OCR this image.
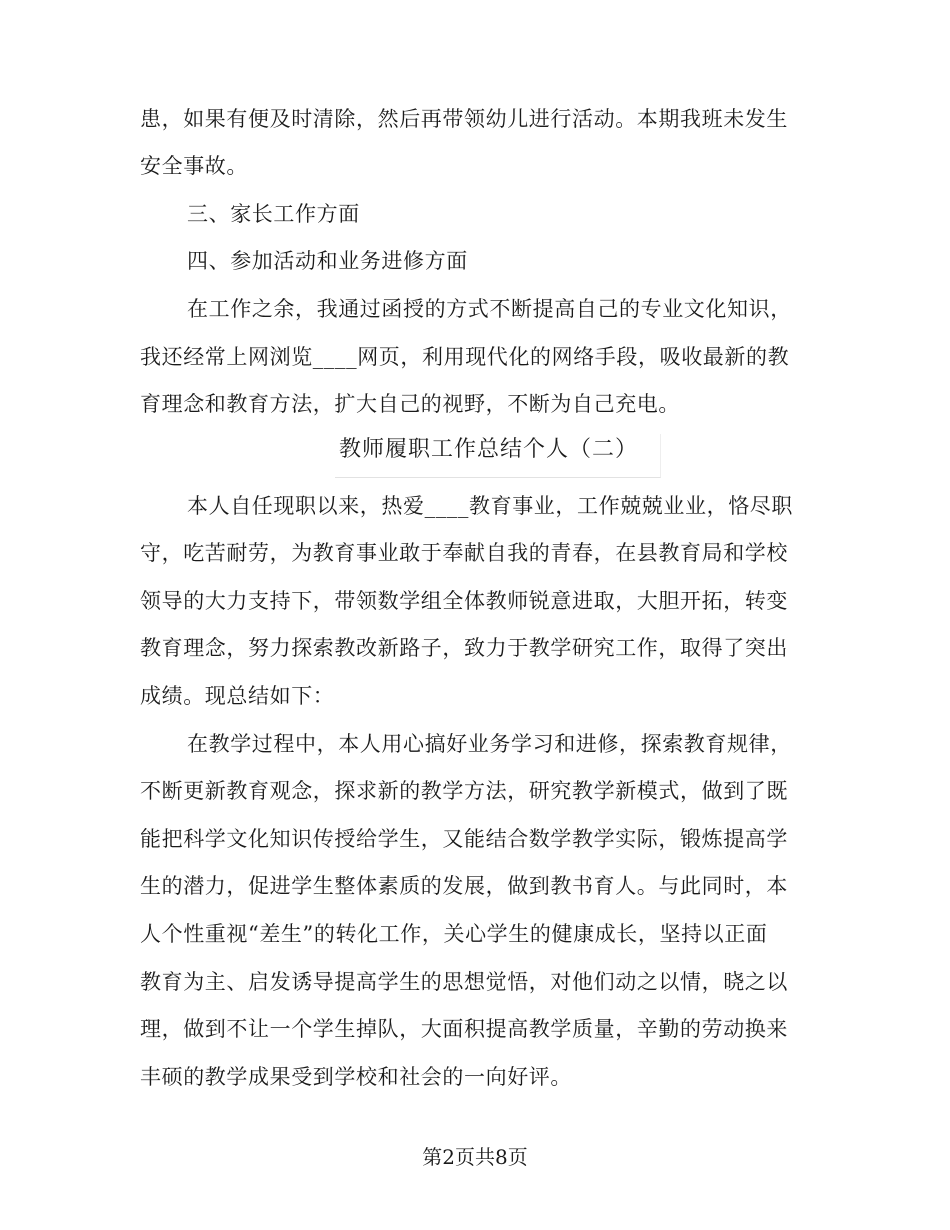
患，如果有便及时清除，然后再带领幼儿进行活动。本期我班未发生
安全事故。
三、家长工作方面
四、参加活动和业务进修方面
在工作之余，我通过函授的方式不断提高自己的专业文化知识，
我还经常上网浏览____网页，利用现代化的网络手段，吸收最新的教
育理念和教育方法，扩大自己的视野，不断为自己充电。
教师履职工作总结个人（二）
本人自任现职以来，热爱____教育事业，工作兢兢业业，恪尽职
守，吃苦耐劳，为教育事业敢于奉献自我的青春，在县教育局和学校
领导的大力支持下，带领数学组全体教师锐意进取，大胆开拓，转变
教育理念，努力探索教改新路子，致力于教学研究工作，取得了突出
成绩。现总结如下：
在教学过程中，本人用心搞好业务学习和进修，探索教育规律，
不断更新教育观念，探求新的教学方法，研究教学新模式，做到了既
能把科学文化知识传授给学生，又能结合数学教学实际，锻炼提高学
生的潜力，促进学生整体素质的发展，做到教书育人。与此同时，本
人个性重视“差生”的转化工作，关心学生的健康成长，坚持以正面
教育为主、启发诱导提高学生的思想觉悟，对他们动之以情，晓之以
理，做到不让一个学生掉队，大面积提高教学质量，辛勤的劳动换来
丰硕的教学成果受到学校和社会的一向好评。
第2页共8页
